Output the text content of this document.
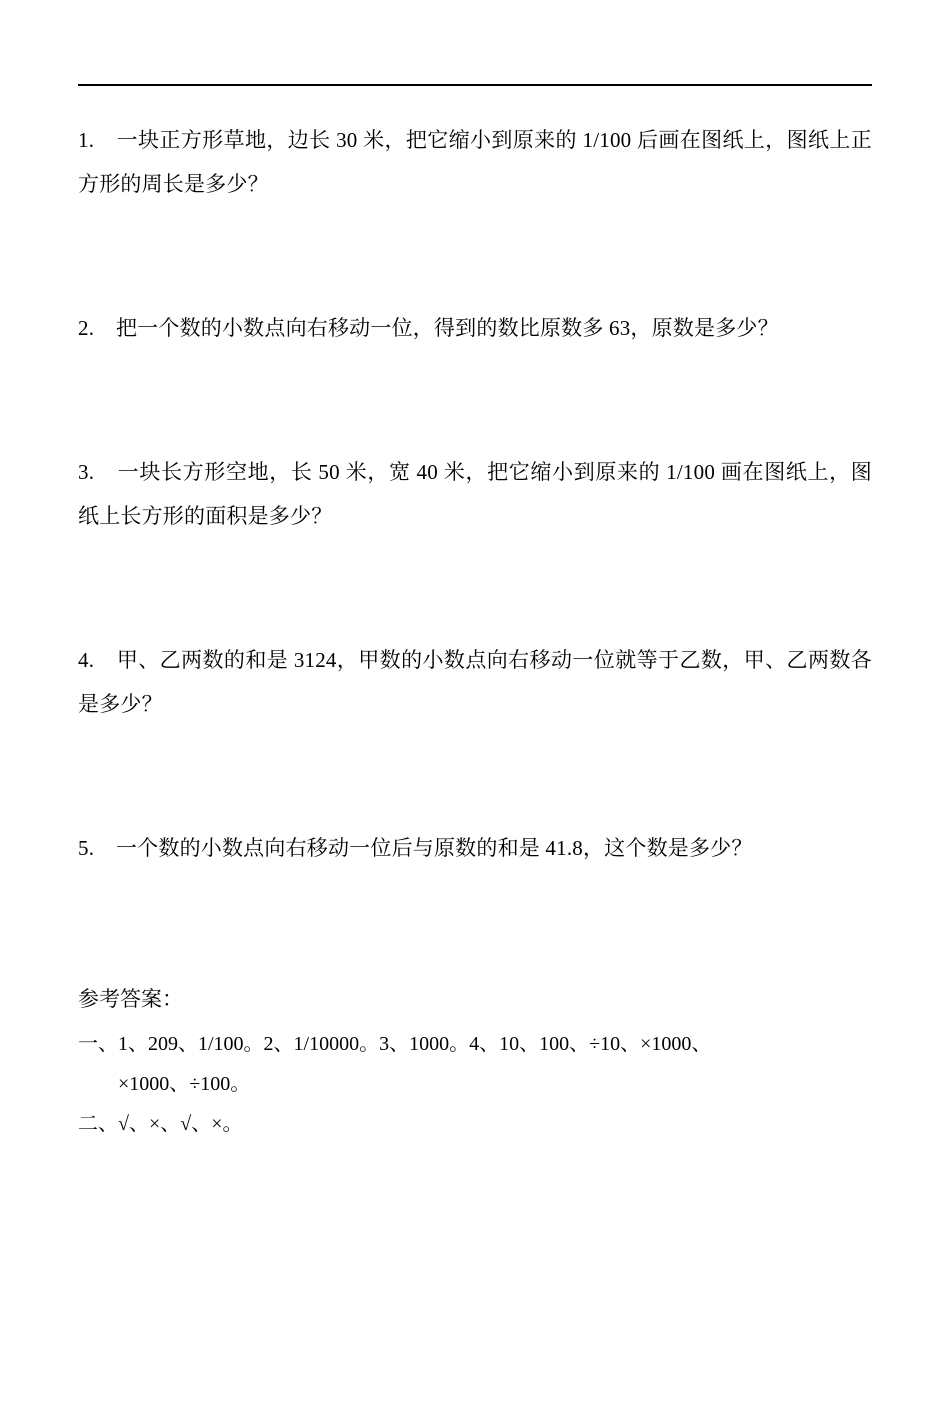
1. 一块正方形草地，边长 30 米，把它缩小到原来的 1/100 后画在图纸上，图纸上正方形的周长是多少？
2. 把一个数的小数点向右移动一位，得到的数比原数多 63，原数是多少？
3. 一块长方形空地，长 50 米，宽 40 米，把它缩小到原来的 1/100 画在图纸上，图纸上长方形的面积是多少？
4. 甲、乙两数的和是 3124，甲数的小数点向右移动一位就等于乙数，甲、乙两数各是多少？
5. 一个数的小数点向右移动一位后与原数的和是 41.8，这个数是多少？
参考答案：
一、1、209、1/100。2、1/10000。3、1000。4、10、100、÷10、×1000、
×1000、÷100。
二、√、×、√、×。
